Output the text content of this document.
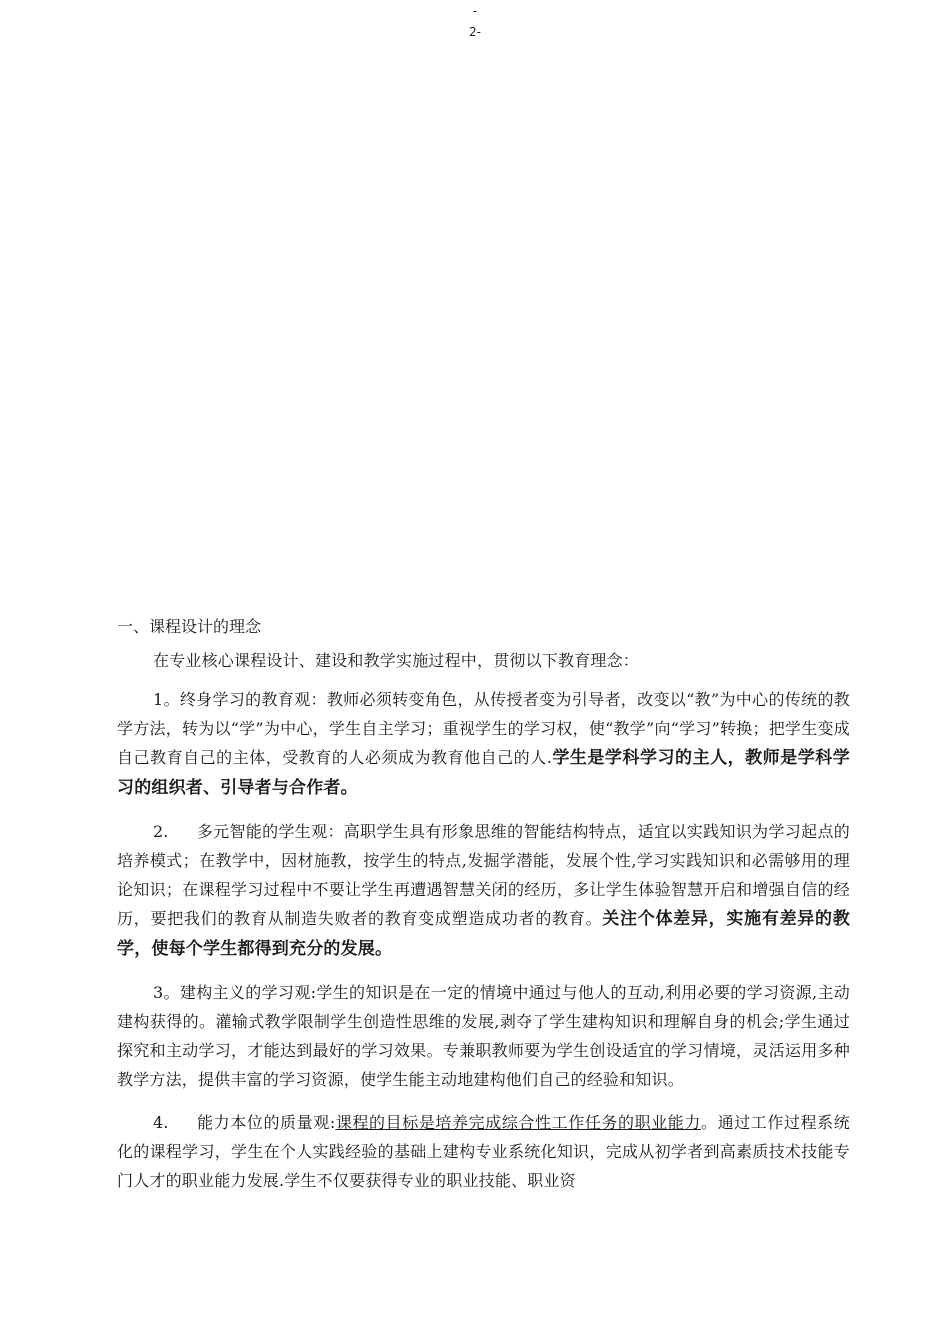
-
2-
一、课程设计的理念

在专业核心课程设计、建设和教学实施过程中，贯彻以下教育理念：

1。终身学习的教育观：教师必须转变角色，从传授者变为引导者，改变以“教”为中心的传统的教学方法，转为以“学”为中心，学生自主学习；重视学生的学习权，使“教学”向“学习”转换；把学生变成自己教育自己的主体，受教育的人必须成为教育他自己的人.学生是学科学习的主人，教师是学科学习的组织者、引导者与合作者。

2. 多元智能的学生观：高职学生具有形象思维的智能结构特点，适宜以实践知识为学习起点的培养模式；在教学中，因材施教，按学生的特点,发掘学潜能，发展个性,学习实践知识和必需够用的理论知识；在课程学习过程中不要让学生再遭遇智慧关闭的经历，多让学生体验智慧开启和增强自信的经历，要把我们的教育从制造失败者的教育变成塑造成功者的教育。关注个体差异，实施有差异的教学，使每个学生都得到充分的发展。

3。建构主义的学习观:学生的知识是在一定的情境中通过与他人的互动,利用必要的学习资源,主动建构获得的。灌输式教学限制学生创造性思维的发展,剥夺了学生建构知识和理解自身的机会;学生通过探究和主动学习，才能达到最好的学习效果。专兼职教师要为学生创设适宜的学习情境，灵活运用多种教学方法，提供丰富的学习资源，使学生能主动地建构他们自己的经验和知识。

4. 能力本位的质量观:课程的目标是培养完成综合性工作任务的职业能力。通过工作过程系统化的课程学习，学生在个人实践经验的基础上建构专业系统化知识，完成从初学者到高素质技术技能专门人才的职业能力发展.学生不仅要获得专业的职业技能、职业资
